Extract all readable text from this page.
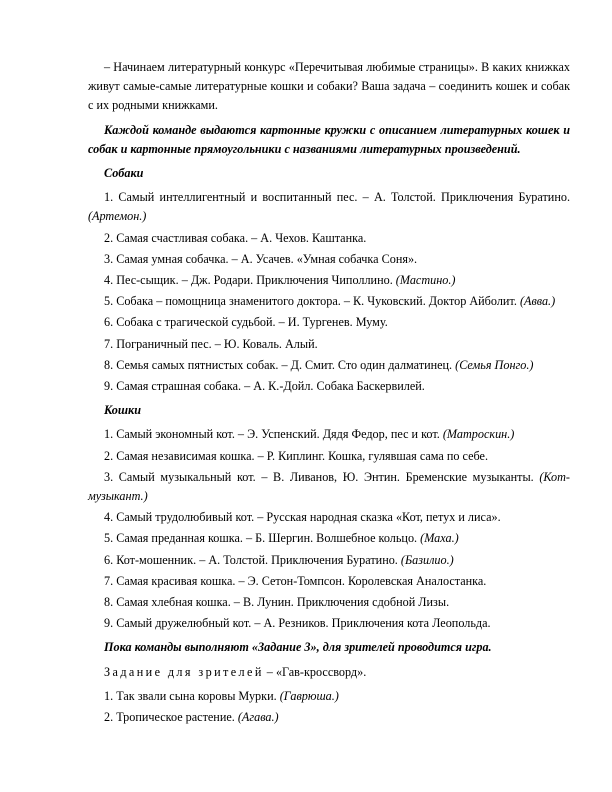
– Начинаем литературный конкурс «Перечитывая любимые страницы». В каких книжках живут самые-самые литературные кошки и собаки? Ваша задача – соединить кошек и собак с их родными книжками.

Каждой команде выдаются картонные кружки с описанием литературных кошек и собак и картонные прямоугольники с названиями литературных произведений.

Собаки

1. Самый интеллигентный и воспитанный пес. – А. Толстой. Приключения Буратино. (Артемон.)

2. Самая счастливая собака. – А. Чехов. Каштанка.

3. Самая умная собачка. – А. Усачев. «Умная собачка Соня».

4. Пес-сыщик. – Дж. Родари. Приключения Чиполлино. (Мастино.)

5. Собака – помощница знаменитого доктора. – К. Чуковский. Доктор Айболит. (Авва.)

6. Собака с трагической судьбой. – И. Тургенев. Муму.

7. Пограничный пес. – Ю. Коваль. Алый.

8. Семья самых пятнистых собак. – Д. Смит. Сто один далматинец. (Семья Понго.)

9. Самая страшная собака. – А. К.-Дойл. Собака Баскервилей.

Кошки

1. Самый экономный кот. – Э. Успенский. Дядя Федор, пес и кот. (Матроскин.)

2. Самая независимая кошка. – Р. Киплинг. Кошка, гулявшая сама по себе.

3. Самый музыкальный кот. – В. Ливанов, Ю. Энтин. Бременские музыканты. (Кот-музыкант.)

4. Самый трудолюбивый кот. – Русская народная сказка «Кот, петух и лиса».

5. Самая преданная кошка. – Б. Шергин. Волшебное кольцо. (Маха.)

6. Кот-мошенник. – А. Толстой. Приключения Буратино. (Базилио.)

7. Самая красивая кошка. – Э. Сетон-Томпсон. Королевская Аналостанка.

8. Самая хлебная кошка. – В. Лунин. Приключения сдобной Лизы.

9. Самый дружелюбный кот. – А. Резников. Приключения кота Леопольда.

Пока команды выполняют «Задание 3», для зрителей проводится игра.

Задание для зрителей – «Гав-кроссворд».

1. Так звали сына коровы Мурки. (Гаврюша.)

2. Тропическое растение. (Агава.)
